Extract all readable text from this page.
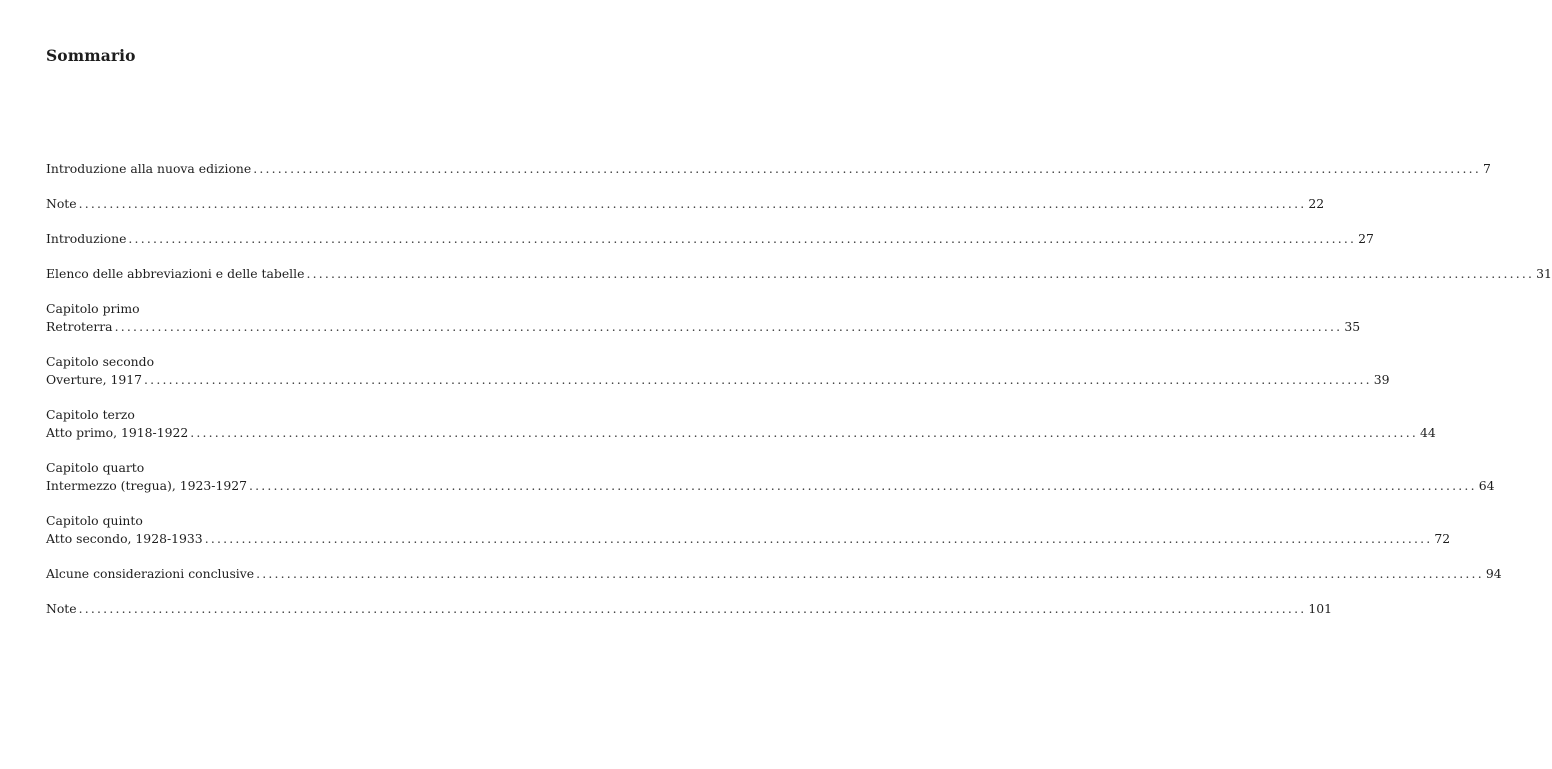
Sommario
Introduzione alla nuova edizione ........................................................................................................................................................................................................ 7
Note ........................................................................................................................................................................................................ 22
Introduzione ........................................................................................................................................................................................................ 27
Elenco delle abbreviazioni e delle tabelle ........................................................................................................................................................................................................ 31
Capitolo primo
Retroterra ........................................................................................................................................................................................................ 35
Capitolo secondo
Overture, 1917 ........................................................................................................................................................................................................ 39
Capitolo terzo
Atto primo, 1918-1922 ........................................................................................................................................................................................................ 44
Capitolo quarto
Intermezzo (tregua), 1923-1927 ........................................................................................................................................................................................................ 64
Capitolo quinto
Atto secondo, 1928-1933 ........................................................................................................................................................................................................ 72
Alcune considerazioni conclusive ........................................................................................................................................................................................................ 94
Note ........................................................................................................................................................................................................ 101
